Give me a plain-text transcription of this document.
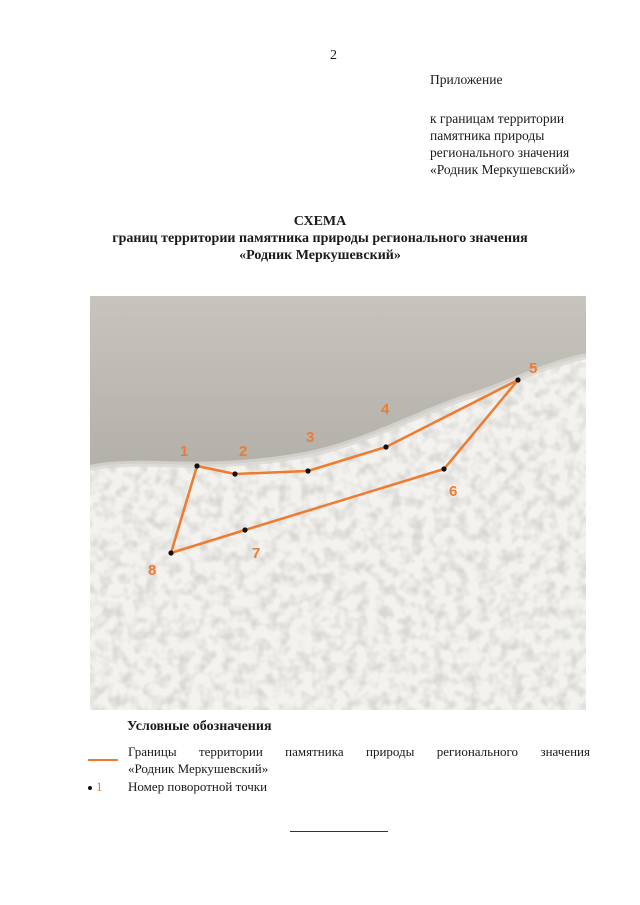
2
Приложение
к границам территории
памятника природы
регионального значения
«Родник Меркушевский»
СХЕМА
границ территории памятника природы регионального значения
«Родник Меркушевский»
1	2
3
4
5
6
7
8
Условные обозначения
Границы территории памятника природы регионального значения
«Родник Меркушевский»
1 Номер поворотной точки
